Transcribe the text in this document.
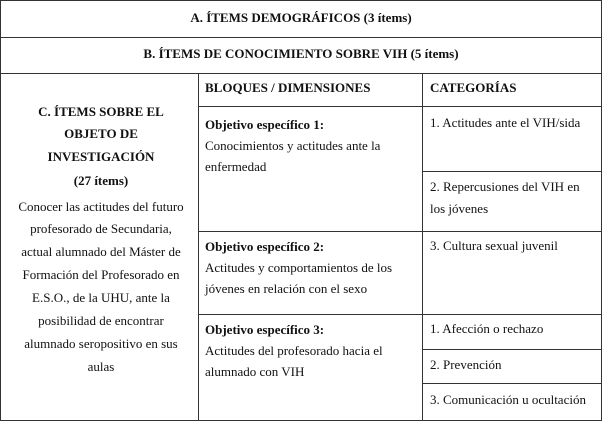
A. ÍTEMS DEMOGRÁFICOS (3 ítems)
B. ÍTEMS DE CONOCIMIENTO SOBRE VIH (5 ítems)
C. ÍTEMS SOBRE EL
OBJETO DE
INVESTIGACIÓN
(27 ítems)
Conocer las actitudes del futuro
profesorado de Secundaria,
actual alumnado del Máster de
Formación del Profesorado en
E.S.O., de la UHU, ante la
posibilidad de encontrar
alumnado seropositivo en sus
aulas
BLOQUES / DIMENSIONES	CATEGORÍAS
Objetivo específico 1:
Conocimientos y actitudes ante la
enfermedad
1. Actitudes ante el VIH/sida
2. Repercusiones del VIH en
los jóvenes
Objetivo específico 2:
Actitudes y comportamientos de los
jóvenes en relación con el sexo
3. Cultura sexual juvenil
Objetivo específico 3:
Actitudes del profesorado hacia el
alumnado con VIH
1. Afección o rechazo
2. Prevención
3. Comunicación u ocultación
